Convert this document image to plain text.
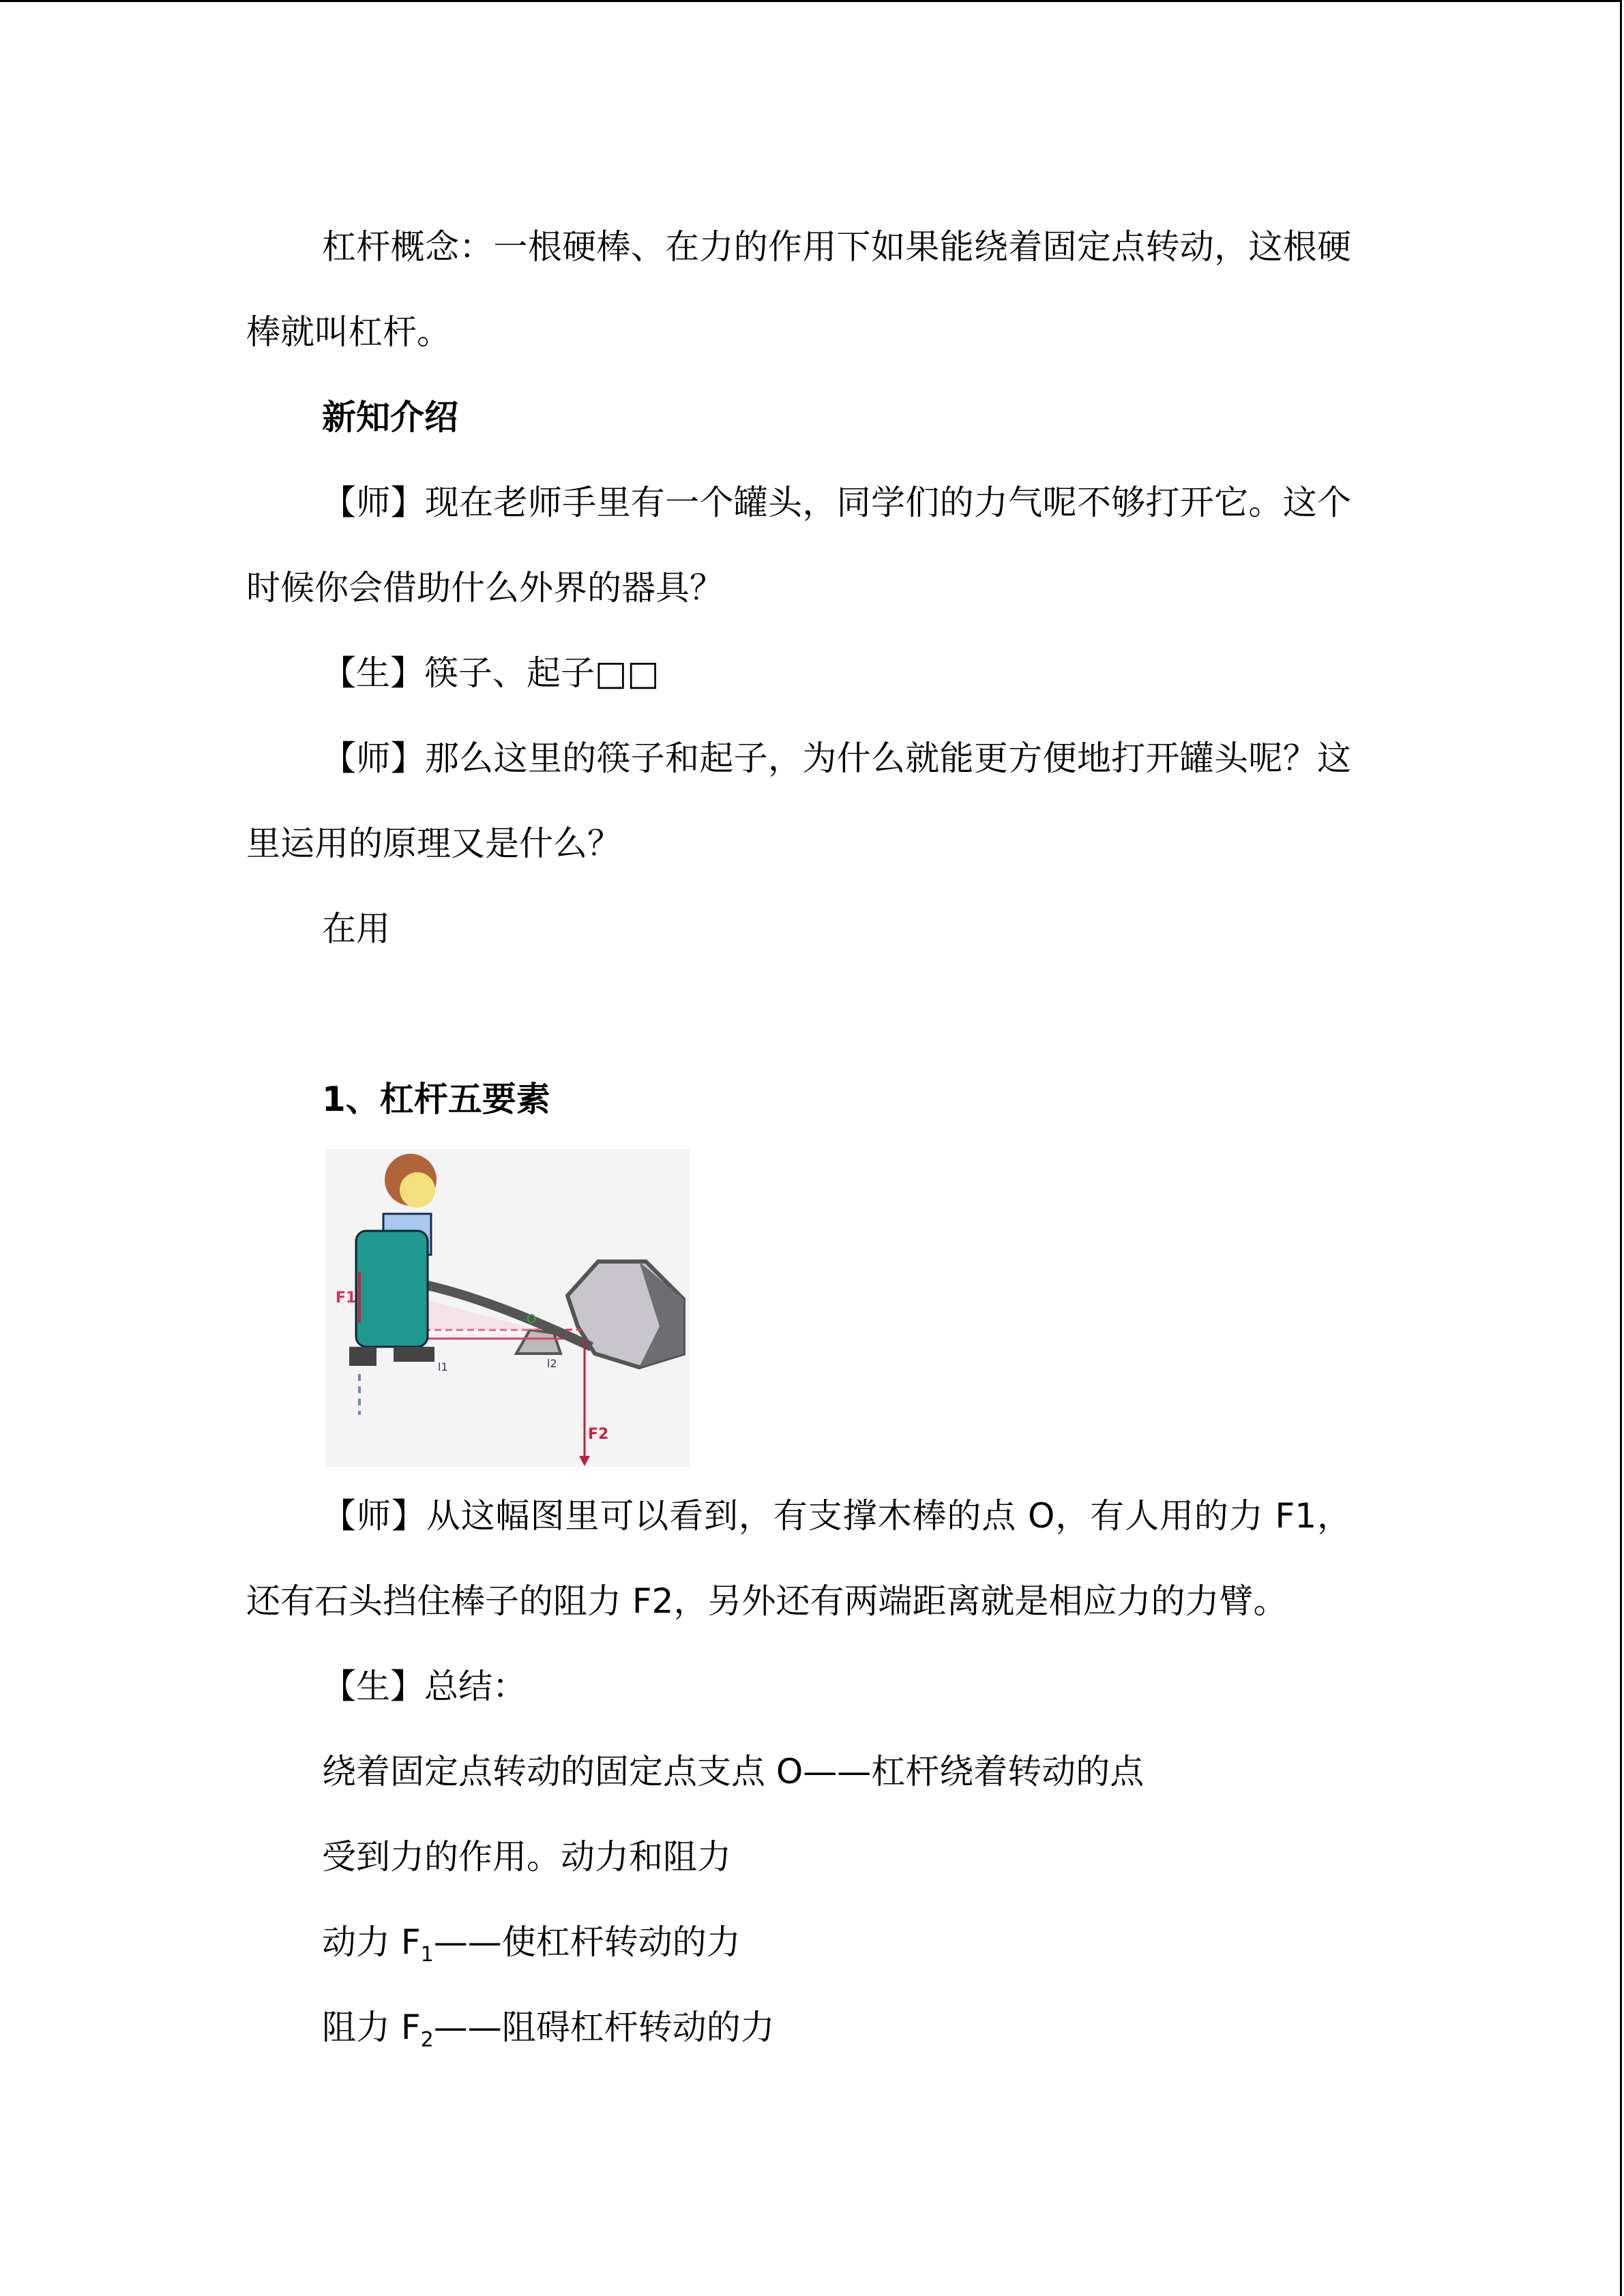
杠杆概念：一根硬棒、在力的作用下如果能绕着固定点转动，这根硬棒就叫杠杆。

新知介绍

【师】现在老师手里有一个罐头，同学们的力气呢不够打开它。这个时候你会借助什么外界的器具？

【生】筷子、起子□□

【师】那么这里的筷子和起子，为什么就能更方便地打开罐头呢？这里运用的原理又是什么？

在用

1、杠杆五要素

F1
F2
O
l1	l2

【师】从这幅图里可以看到，有支撑木棒的点 O，有人用的力 F1，还有石头挡住棒子的阻力 F2，另外还有两端距离就是相应力的力臂。

【生】总结：

绕着固定点转动的固定点支点 O——杠杆绕着转动的点

受到力的作用。动力和阻力

动力 $F_1——$使杠杆转动的力

阻力 $F_2——$阻碍杠杆转动的力
